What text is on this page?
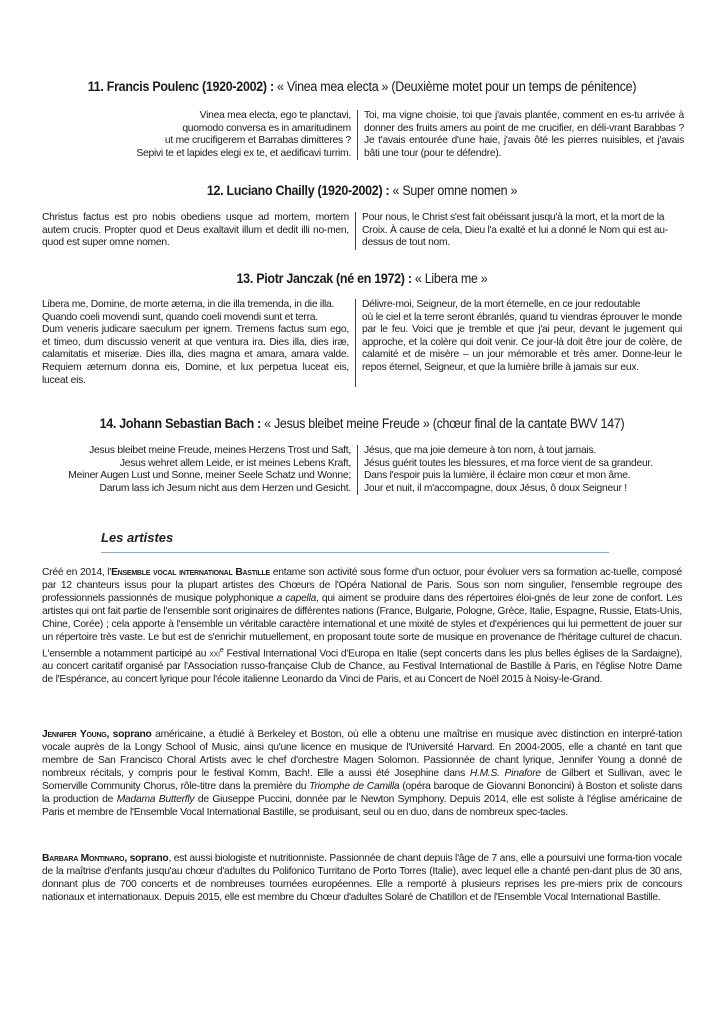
11. Francis Poulenc (1920-2002) : « Vinea mea electa » (Deuxième motet pour un temps de pénitence)
Vinea mea electa, ego te planctavi,
quomodo conversa es in amaritudinem
ut me crucifigerem et Barrabas dimitteres ?
Sepivi te et lapides elegi ex te, et aedificavi turrim.
Toi, ma vigne choisie, toi que j'avais plantée, comment en es-tu arrivée à donner des fruits amers au point de me crucifier, en déli-vrant Barabbas ? Je t'avais entourée d'une haie, j'avais ôté les pierres nuisibles, et j'avais bâti une tour (pour te défendre).
12. Luciano Chailly (1920-2002) : « Super omne nomen »
Christus factus est pro nobis obediens usque ad mortem, mortem autem crucis. Propter quod et Deus exaltavit illum et dedit illi no-men, quod est super omne nomen.
Pour nous, le Christ s'est fait obéissant jusqu'à la mort, et la mort de la Croix. À cause de cela, Dieu l'a exalté et lui a donné le Nom qui est au-dessus de tout nom.
13. Piotr Janczak (né en 1972) : « Libera me »
Libera me, Domine, de morte æterna, in die illa tremenda, in die illa.
Quando coeli movendi sunt, quando coeli movendi sunt et terra.
Dum veneris judicare saeculum per ignem. Tremens factus sum ego, et timeo, dum discussio venerit at que ventura ira. Dies illa, dies iræ, calamitatis et miseriæ. Dies illa, dies magna et amara, amara valde. Requiem æternum donna eis, Domine, et lux perpetua luceat eis, luceat eis.
Délivre-moi, Seigneur, de la mort éternelle, en ce jour redoutable
où le ciel et la terre seront ébranlés, quand tu viendras éprouver le monde par le feu. Voici que je tremble et que j'ai peur, devant le jugement qui approche, et la colère qui doit venir. Ce jour-là doit être jour de colère, de calamité et de misère – un jour mémorable et très amer. Donne-leur le repos éternel, Seigneur, et que la lumière brille à jamais sur eux.
14. Johann Sebastian Bach : « Jesus bleibet meine Freude » (chœur final de la cantate BWV 147)
Jesus bleibet meine Freude, meines Herzens Trost und Saft,
Jesus wehret allem Leide, er ist meines Lebens Kraft,
Meiner Augen Lust und Sonne, meiner Seele Schatz und Wonne;
Darum lass ich Jesum nicht aus dem Herzen und Gesicht.
Jésus, que ma joie demeure à ton nom, à tout jamais.
Jésus guérit toutes les blessures, et ma force vient de sa grandeur.
Dans l'espoir puis la lumière, il éclaire mon cœur et mon âme.
Jour et nuit, il m'accompagne, doux Jésus, ô doux Seigneur !
Les artistes
Créé en 2014, l'Ensemble vocal international Bastille entame son activité sous forme d'un octuor, pour évoluer vers sa formation ac-tuelle, composé par 12 chanteurs issus pour la plupart artistes des Chœurs de l'Opéra National de Paris. Sous son nom singulier, l'ensemble regroupe des professionnels passionnés de musique polyphonique a capella, qui aiment se produire dans des répertoires éloi-gnés de leur zone de confort. Les artistes qui ont fait partie de l'ensemble sont originaires de différentes nations (France, Bulgarie, Pologne, Grèce, Italie, Espagne, Russie, Etats-Unis, Chine, Corée) ; cela apporte à l'ensemble un véritable caractère international et une mixité de styles et d'expériences qui lui permettent de jouer sur un répertoire très vaste. Le but est de s'enrichir mutuellement, en proposant toute sorte de musique en provenance de l'héritage culturel de chacun. L'ensemble a notamment participé au xxi$^e$ Festival International Voci d'Europa en Italie (sept concerts dans les plus belles églises de la Sardaigne), au concert caritatif organisé par l'Association russo-française Club de Chance, au Festival International de Bastille à Paris, en l'église Notre Dame de l'Espérance, au concert lyrique pour l'école italienne Leonardo da Vinci de Paris, et au Concert de Noël 2015 à Noisy-le-Grand.
Jennifer Young, soprano américaine, a étudié à Berkeley et Boston, où elle a obtenu une maîtrise en musique avec distinction en interpré-tation vocale auprès de la Longy School of Music, ainsi qu'une licence en musique de l'Université Harvard. En 2004-2005, elle a chanté en tant que membre de San Francisco Choral Artists avec le chef d'orchestre Magen Solomon. Passionnée de chant lyrique, Jennifer Young a donné de nombreux récitals, y compris pour le festival Komm, Bach!. Elle a aussi été Josephine dans H.M.S. Pinafore de Gilbert et Sullivan, avec le Somerville Community Chorus, rôle-titre dans la première du Triomphe de Camilla (opéra baroque de Giovanni Bononcini) à Boston et soliste dans la production de Madama Butterfly de Giuseppe Puccini, donnée par le Newton Symphony. Depuis 2014, elle est soliste à l'église américaine de Paris et membre de l'Ensemble Vocal International Bastille, se produisant, seul ou en duo, dans de nombreux spec-tacles.
Barbara Montinaro, soprano, est aussi biologiste et nutritionniste. Passionnée de chant depuis l'âge de 7 ans, elle a poursuivi une forma-tion vocale de la maîtrise d'enfants jusqu'au chœur d'adultes du Polifonico Turritano de Porto Torres (Italie), avec lequel elle a chanté pen-dant plus de 30 ans, donnant plus de 700 concerts et de nombreuses tournées européennes. Elle a remporté à plusieurs reprises les pre-miers prix de concours nationaux et internationaux. Depuis 2015, elle est membre du Chœur d'adultes Solaré de Chatillon et de l'Ensemble Vocal International Bastille.
